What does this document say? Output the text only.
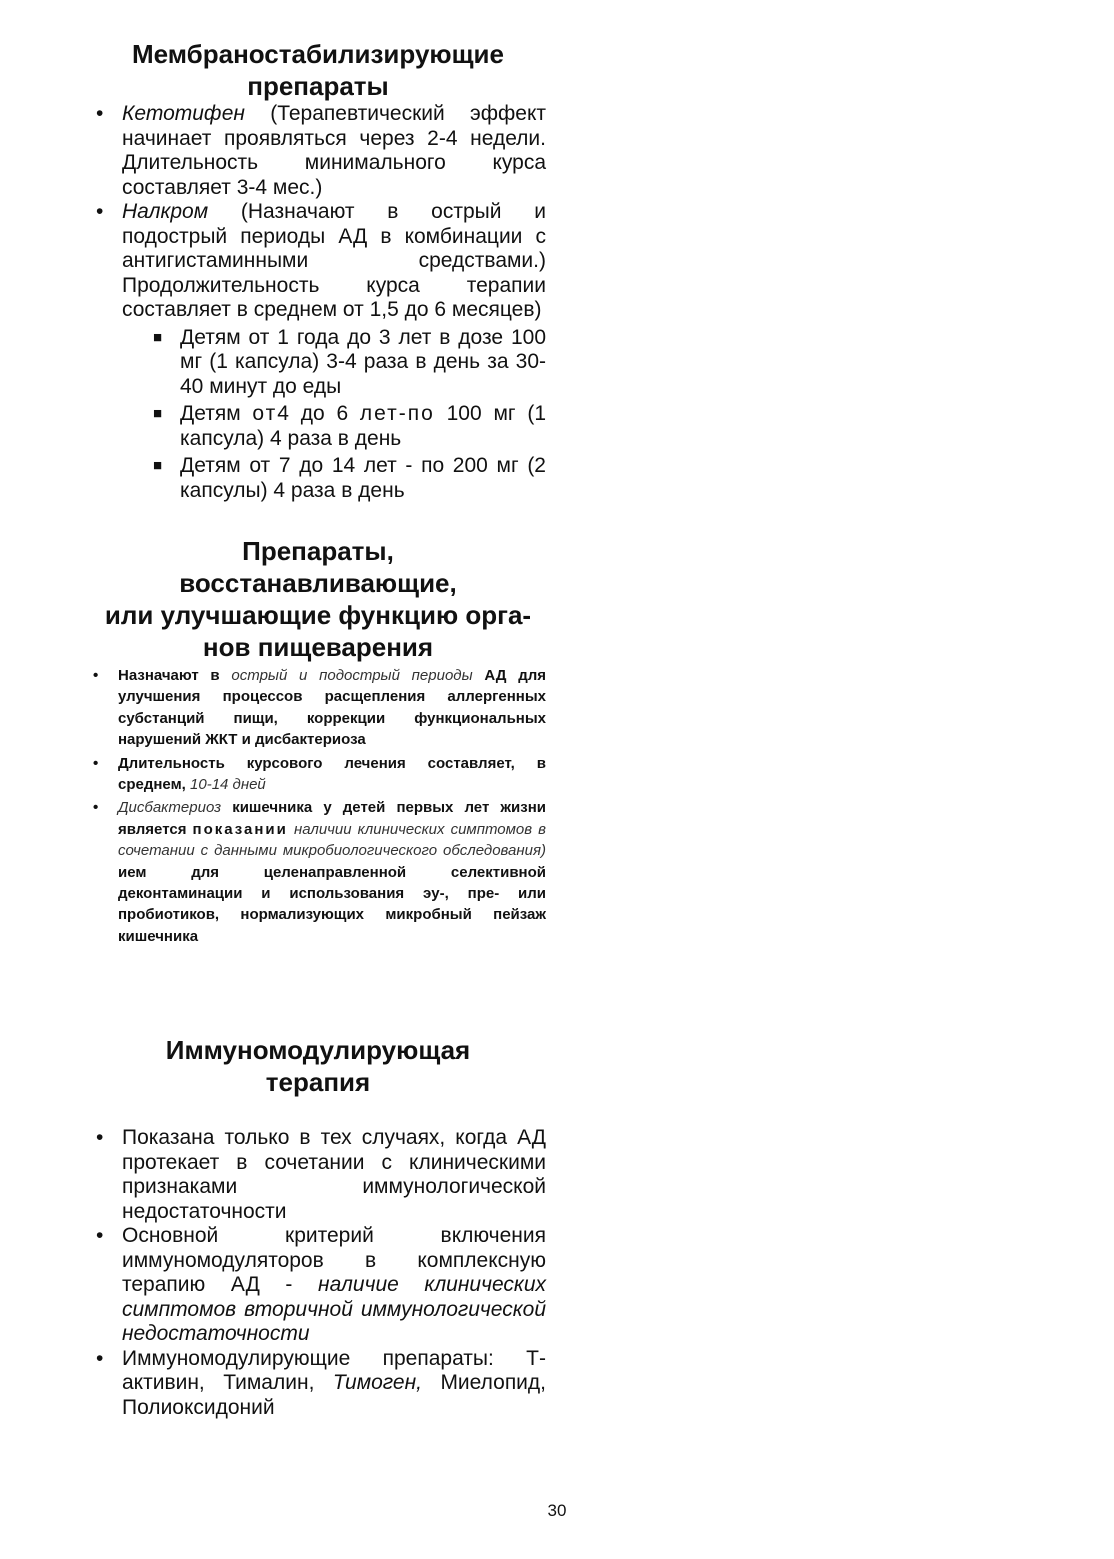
Мембраностабилизирующие
препараты
• Кетотифен (Терапевтический эффект начинает проявляться через 2-4 недели. Длительность минимального курса составляет 3-4 мес.)
• Налкром (Назначают в острый и подострый периоды АД в комбинации с антигистаминными средствами.) Продолжительность курса терапии составляет в среднем от 1,5 до 6 месяцев)
■ Детям от 1 года до 3 лет в дозе 100 мг (1 капсула) 3-4 раза в день за 30-40 минут до еды
■ Детям от4 до 6 лет-по 100 мг (1 капсула) 4 раза в день
■ Детям от 7 до 14 лет - по 200 мг (2 капсулы) 4 раза в день
Препараты,
восстанавливающие,
или улучшающие функцию орга-
нов пищеварения
• Назначают в острый и подострый периоды АД для улучшения процессов расщепления аллергенных субстанций пищи, коррекции функциональных нарушений ЖКТ и дисбактериоза
• Длительность курсового лечения составляет, в среднем, 10-14 дней
• Дисбактериоз кишечника у детей первых лет жизни является показании наличии клинических симптомов в сочетании с данными микробиологического обследования) ием для целенаправленной селективной деконтаминации и использования эу-, пре- или пробиотиков, нормализующих микробный пейзаж кишечника
Иммуномодулирующая
терапия
• Показана только в тех случаях, когда АД протекает в сочетании с клиническими признаками иммунологической недостаточности
• Основной критерий включения иммуномодуляторов в комплексную терапию АД - наличие клинических симптомов вторичной иммунологической недостаточности
• Иммуномодулирующие препараты: Т-активин, Тималин, Тимоген, Миелопид, Полиоксидоний
30
